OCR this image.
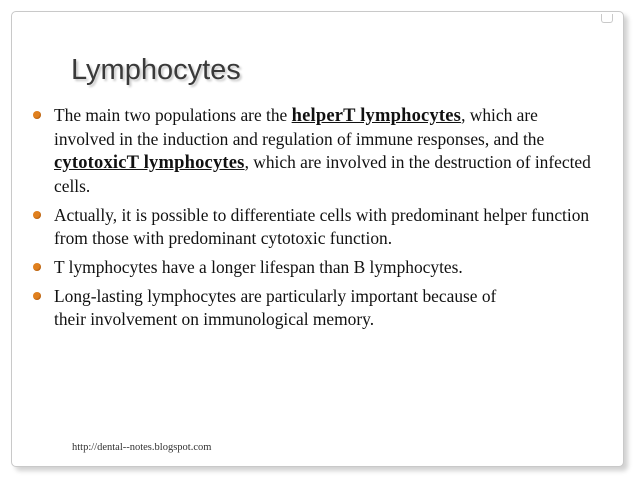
Lymphocytes
The main two populations are the helperT lymphocytes, which are involved in the induction and regulation of immune responses, and the cytotoxicT lymphocytes, which are involved in the destruction of infected cells.
Actually, it is possible to differentiate cells with predominant helper function from those with predominant cytotoxic function.
T lymphocytes have a longer lifespan than B lymphocytes.
Long-lasting lymphocytes are particularly important because of
their involvement on immunological memory.
http://dental--notes.blogspot.com
